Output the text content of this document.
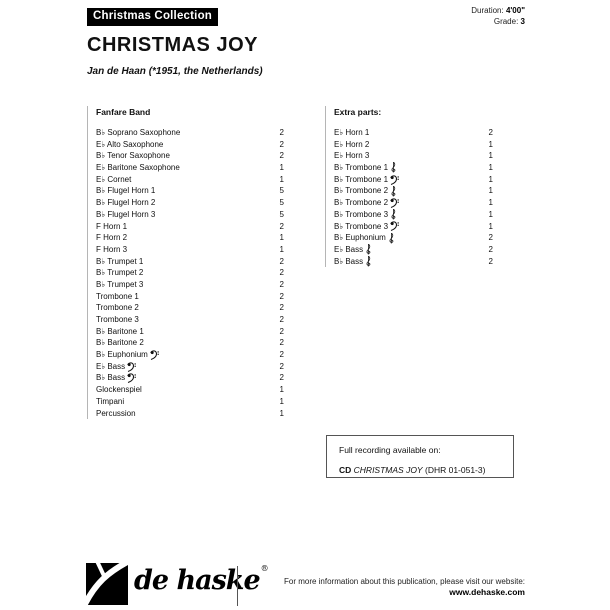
Christmas Collection	Duration: 4'00"
Grade: 3
CHRISTMAS JOY
Jan de Haan (*1951, the Netherlands)
Fanfare Band
B♭ Soprano Saxophone	2
E♭ Alto Saxophone	2
B♭ Tenor Saxophone	2
E♭ Baritone Saxophone	1
E♭ Cornet	1
B♭ Flugel Horn 1	5
B♭ Flugel Horn 2	5
B♭ Flugel Horn 3	5
F Horn 1	2
F Horn 2	1
F Horn 3	1
B♭ Trumpet 1	2
B♭ Trumpet 2	2
B♭ Trumpet 3	2
Trombone 1	2
Trombone 2	2
Trombone 3	2
B♭ Baritone 1	2
B♭ Baritone 2	2
B♭ Euphonium	2
E♭ Bass	2
B♭ Bass	2
Glockenspiel	1
Timpani	1
Percussion	1
Extra parts:
E♭ Horn 1	2
E♭ Horn 2	1
E♭ Horn 3	1
B♭ Trombone 1	1
B♭ Trombone 1	1
B♭ Trombone 2	1
B♭ Trombone 2	1
B♭ Trombone 3	1
B♭ Trombone 3	1
B♭ Euphonium	2
E♭ Bass	2
B♭ Bass	2
Full recording available on:
CD CHRISTMAS JOY (DHR 01-051-3)
de haske®
For more information about this publication, please visit our website:
www.dehaske.com
